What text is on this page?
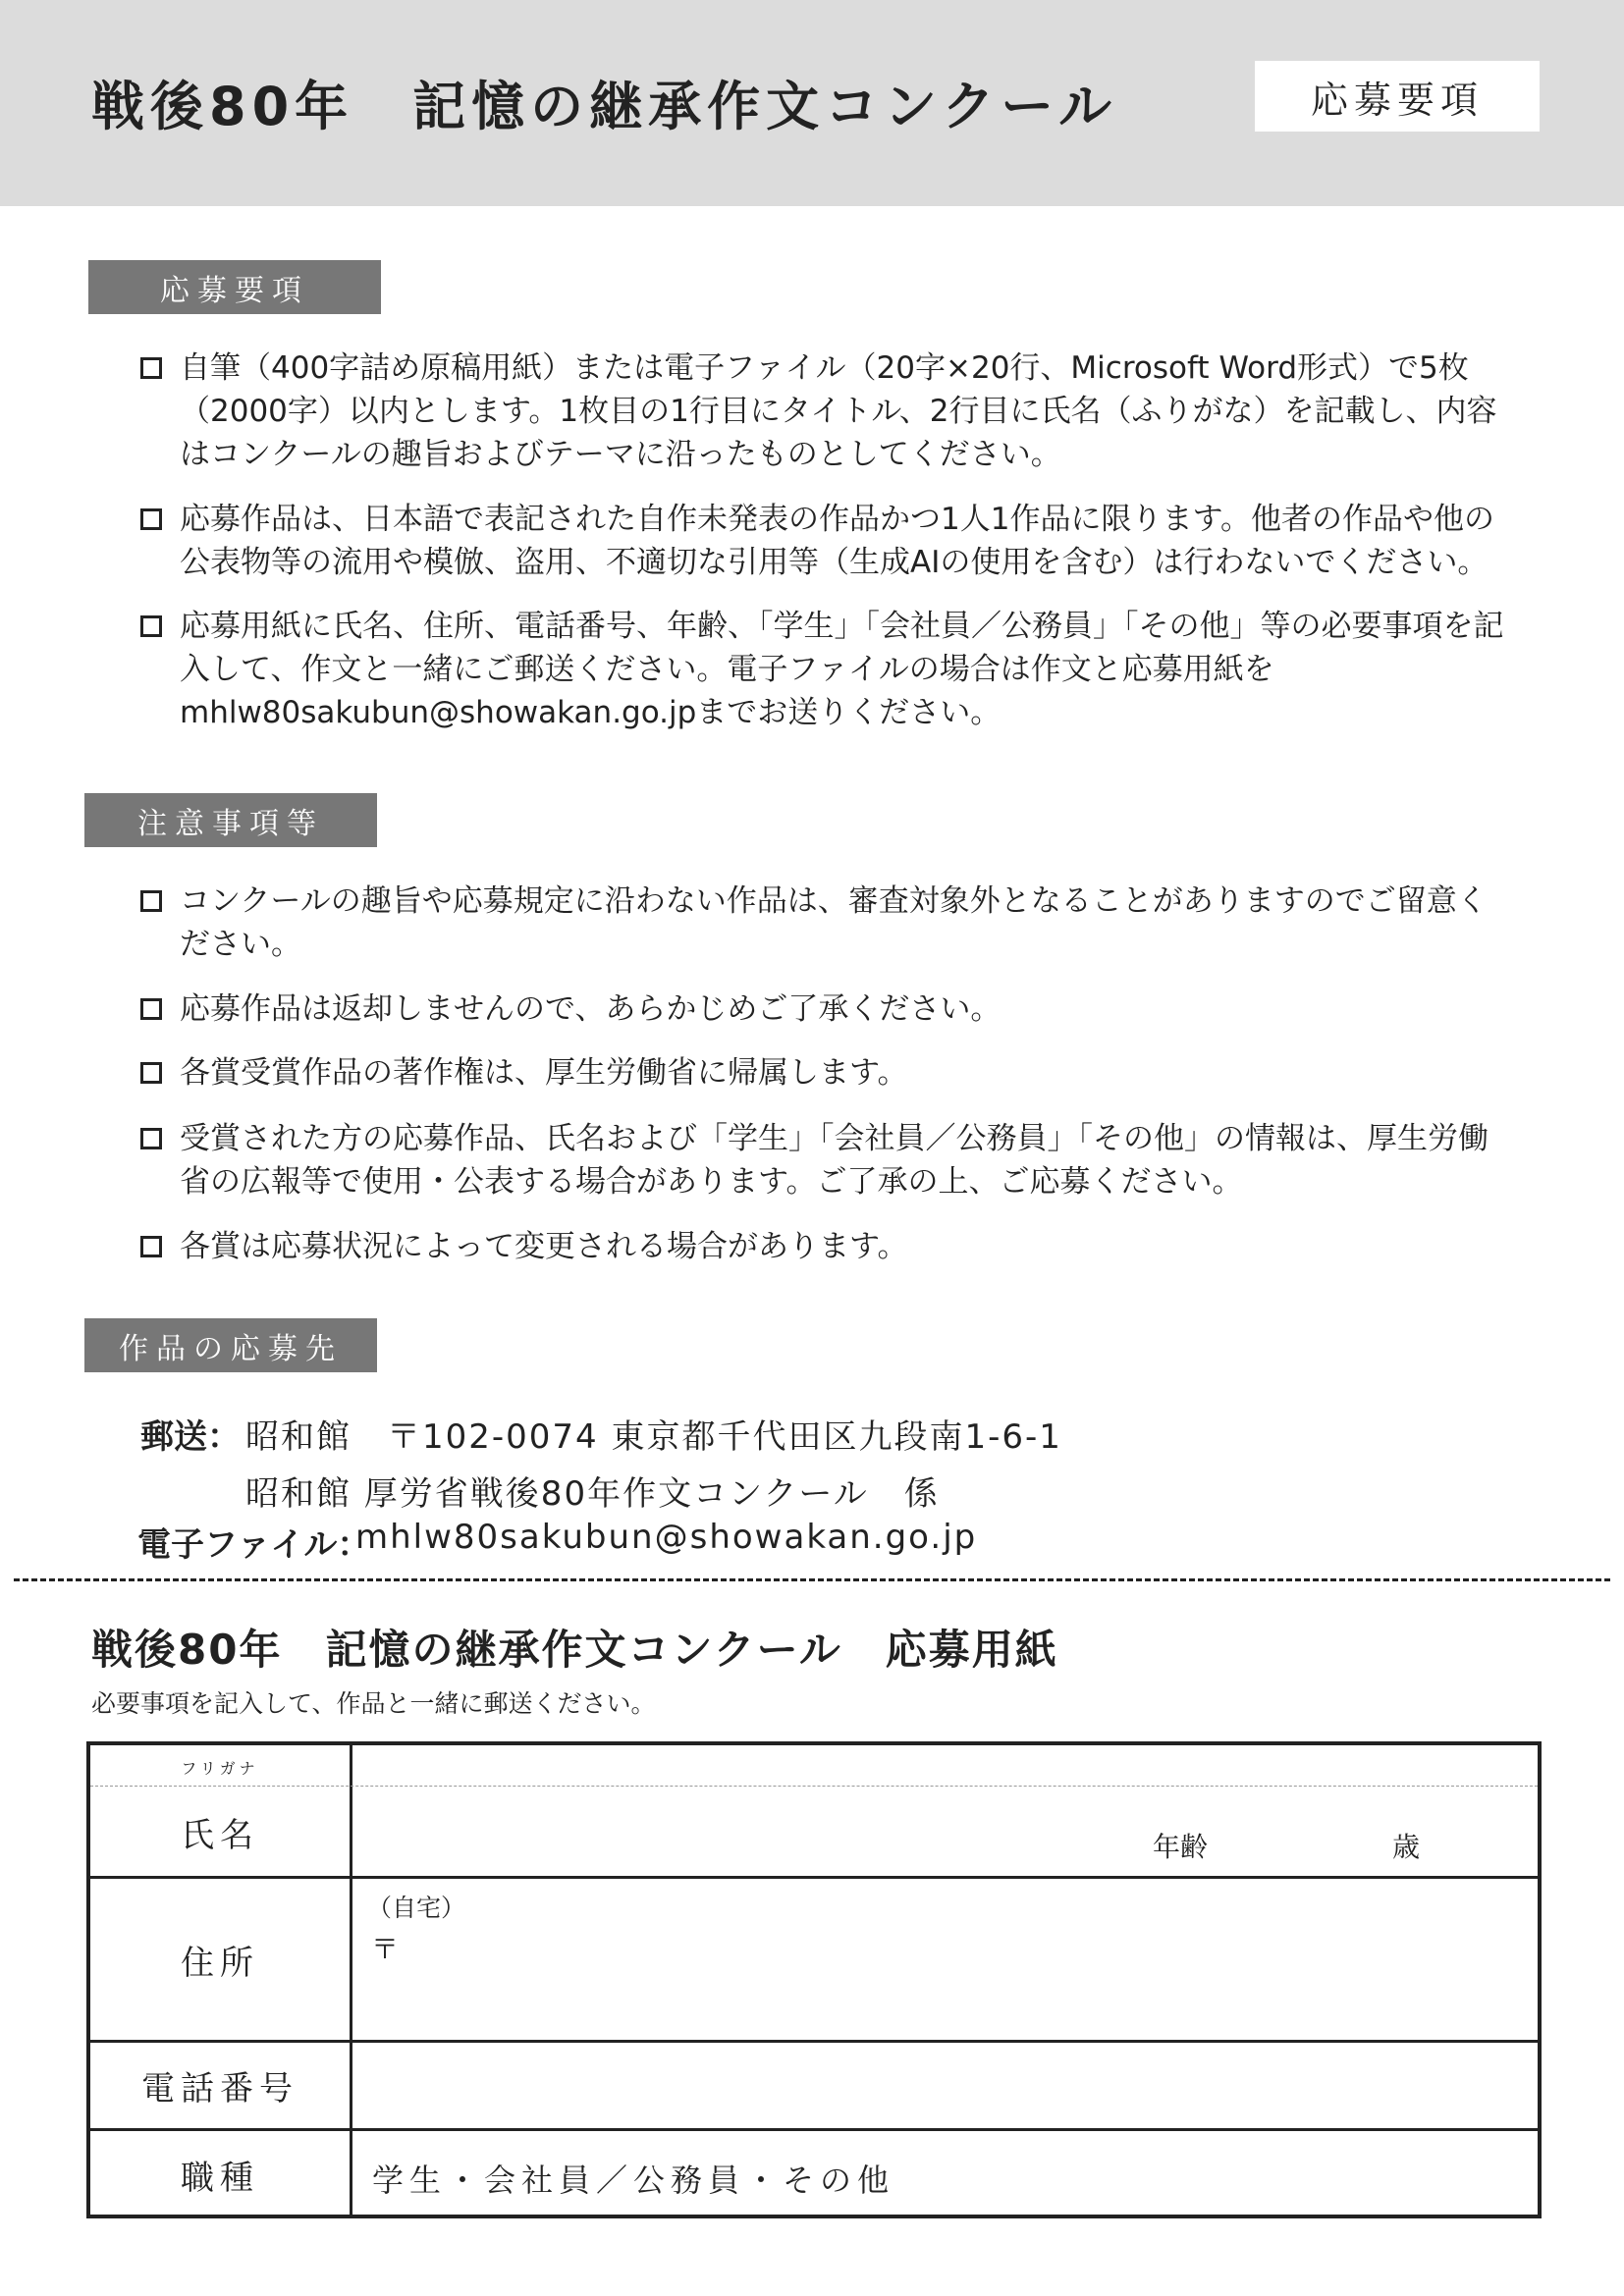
戦後80年　記憶の継承作文コンクール	応募要項
応募要項
自筆（400字詰め原稿用紙）または電子ファイル（20字×20行、Microsoft Word形式）で5枚（2000字）以内とします。1枚目の1行目にタイトル、2行目に氏名（ふりがな）を記載し、内容はコンクールの趣旨およびテーマに沿ったものとしてください。
応募作品は、日本語で表記された自作未発表の作品かつ1人1作品に限ります。他者の作品や他の公表物等の流用や模倣、盗用、不適切な引用等（生成AIの使用を含む）は行わないでください。
応募用紙に氏名、住所、電話番号、年齢、「学生」「会社員／公務員」「その他」等の必要事項を記入して、作文と一緒にご郵送ください。電子ファイルの場合は作文と応募用紙をmhlw80sakubun@showakan.go.jpまでお送りください。
注意事項等
コンクールの趣旨や応募規定に沿わない作品は、審査対象外となることがありますのでご留意ください。
応募作品は返却しませんので、あらかじめご了承ください。
各賞受賞作品の著作権は、厚生労働省に帰属します。
受賞された方の応募作品、氏名および「学生」「会社員／公務員」「その他」の情報は、厚生労働省の広報等で使用・公表する場合があります。ご了承の上、ご応募ください。
各賞は応募状況によって変更される場合があります。
作品の応募先
郵送： 昭和館　〒102-0074 東京都千代田区九段南1-6-1
昭和館 厚労省戦後80年作文コンクール　係
電子ファイル：
mhlw80sakubun@showakan.go.jp
戦後80年　記憶の継承作文コンクール　応募用紙
必要事項を記入して、作品と一緒に郵送ください。
フリガナ
氏名
住所
電話番号
職種
年齢	歳
（自宅）
〒
学生・会社員／公務員・その他
